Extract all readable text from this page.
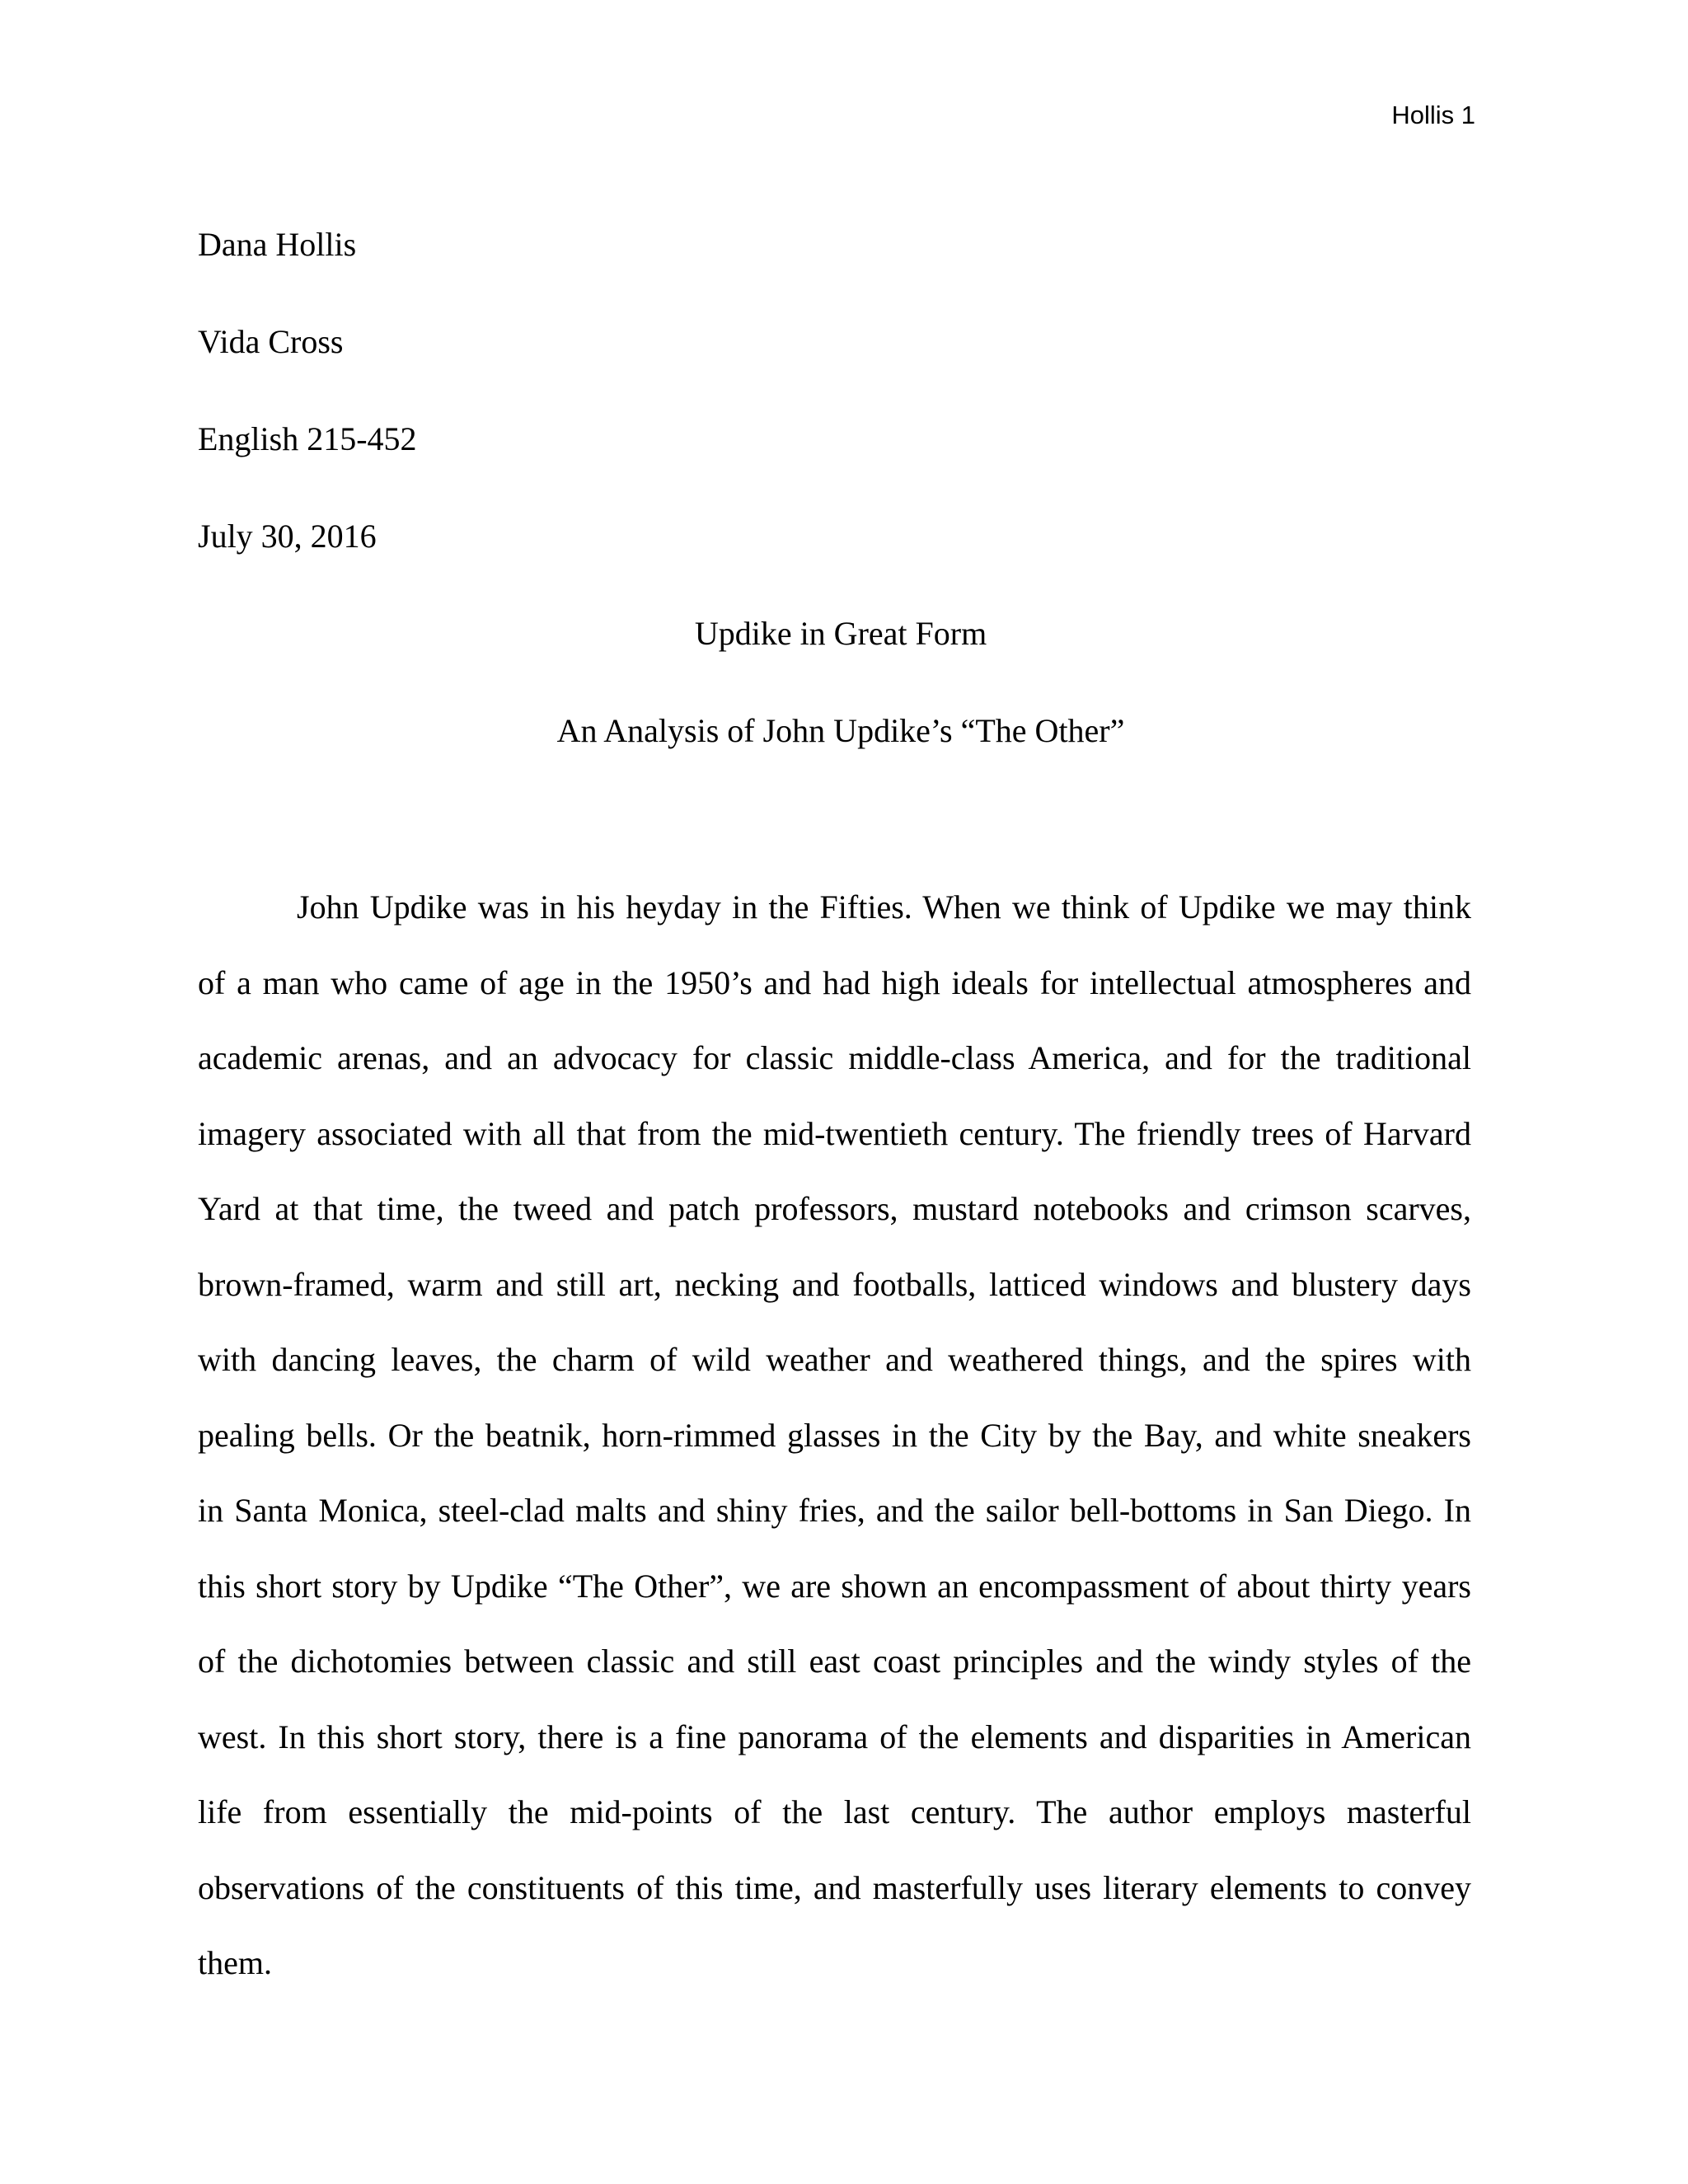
Hollis 1
Dana Hollis
Vida Cross
English 215-452
July 30, 2016
Updike in Great Form
An Analysis of John Updike’s “The Other”

John Updike was in his heyday in the Fifties. When we think of Updike we may think of a man who came of age in the 1950’s and had high ideals for intellectual atmospheres and academic arenas, and an advocacy for classic middle-class America, and for the traditional imagery associated with all that from the mid-twentieth century. The friendly trees of Harvard Yard at that time, the tweed and patch professors, mustard notebooks and crimson scarves, brown-framed, warm and still art, necking and footballs, latticed windows and blustery days with dancing leaves, the charm of wild weather and weathered things, and the spires with pealing bells. Or the beatnik, horn-rimmed glasses in the City by the Bay, and white sneakers in Santa Monica, steel-clad malts and shiny fries, and the sailor bell-bottoms in San Diego. In this short story by Updike “The Other”, we are shown an encompassment of about thirty years of the dichotomies between classic and still east coast principles and the windy styles of the west. In this short story, there is a fine panorama of the elements and disparities in American life from essentially the mid-points of the last century. The author employs masterful observations of the constituents of this time, and masterfully uses literary elements to convey them.
